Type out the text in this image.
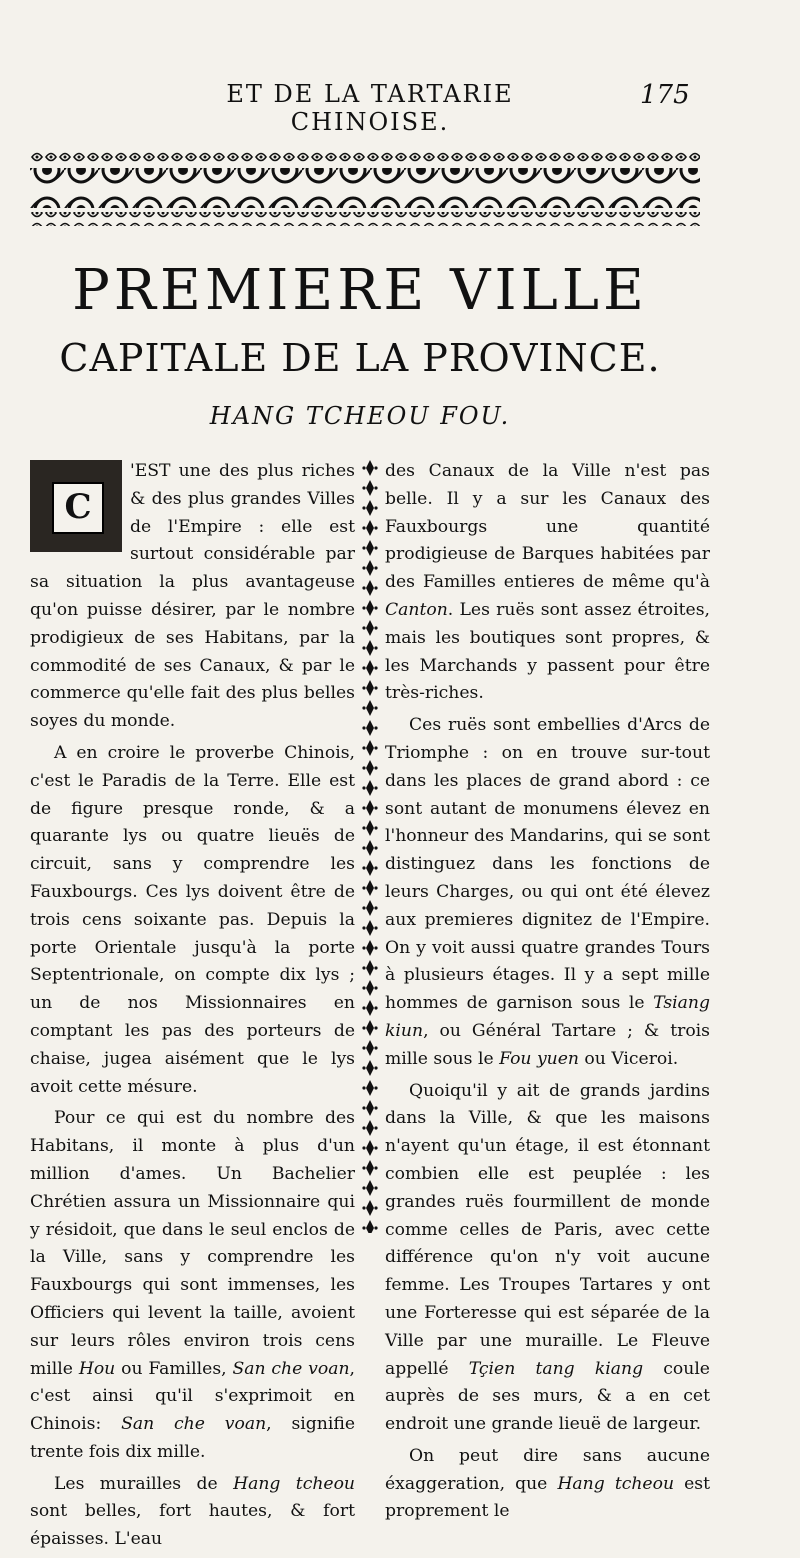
ET DE LA TARTARIE CHINOISE.
175
PREMIERE VILLE
CAPITALE DE LA PROVINCE.
HANG TCHEOU FOU.
C

'EST une des plus riches & des plus grandes Villes de l'Empire : elle est surtout considérable par sa situation la plus avantageuse qu'on puisse désirer, par le nombre prodigieux de ses Habitans, par la commodité de ses Canaux, & par le commerce qu'elle fait des plus belles soyes du monde.

A en croire le proverbe Chinois, c'est le Paradis de la Terre. Elle est de figure presque ronde, & a quarante lys ou quatre lieuës de circuit, sans y comprendre les Fauxbourgs. Ces lys doivent être de trois cens soixante pas. Depuis la porte Orientale jusqu'à la porte Septentrionale, on compte dix lys ; un de nos Missionnaires en comptant les pas des porteurs de chaise, jugea aisément que le lys avoit cette mésure.

Pour ce qui est du nombre des Habitans, il monte à plus d'un million d'ames. Un Bachelier Chrétien assura un Missionnaire qui y résidoit, que dans le seul enclos de la Ville, sans y comprendre les Fauxbourgs qui sont immenses, les Officiers qui levent la taille, avoient sur leurs rôles environ trois cens mille Hou ou Familles, San che voan, c'est ainsi qu'il s'exprimoit en Chinois: San che voan, signifie trente fois dix mille.

Les murailles de Hang tcheou sont belles, fort hautes, & fort épaisses. L'eau

des Canaux de la Ville n'est pas belle. Il y a sur les Canaux des Fauxbourgs une quantité prodigieuse de Barques habitées par des Familles entieres de même qu'à Canton. Les ruës sont assez étroites, mais les boutiques sont propres, & les Marchands y passent pour être très-riches.

Ces ruës sont embellies d'Arcs de Triomphe : on en trouve sur-tout dans les places de grand abord : ce sont autant de monumens élevez en l'honneur des Mandarins, qui se sont distinguez dans les fonctions de leurs Charges, ou qui ont été élevez aux premieres dignitez de l'Empire. On y voit aussi quatre grandes Tours à plusieurs étages. Il y a sept mille hommes de garnison sous le Tsiang kiun, ou Général Tartare ; & trois mille sous le Fou yuen ou Viceroi.

Quoiqu'il y ait de grands jardins dans la Ville, & que les maisons n'ayent qu'un étage, il est étonnant combien elle est peuplée : les grandes ruës fourmillent de monde comme celles de Paris, avec cette différence qu'on n'y voit aucune femme. Les Troupes Tartares y ont une Forteresse qui est séparée de la Ville par une muraille. Le Fleuve appellé Tçien tang kiang coule auprès de ses murs, & a en cet endroit une grande lieuë de largeur.

On peut dire sans aucune éxaggeration, que Hang tcheou est proprement le
